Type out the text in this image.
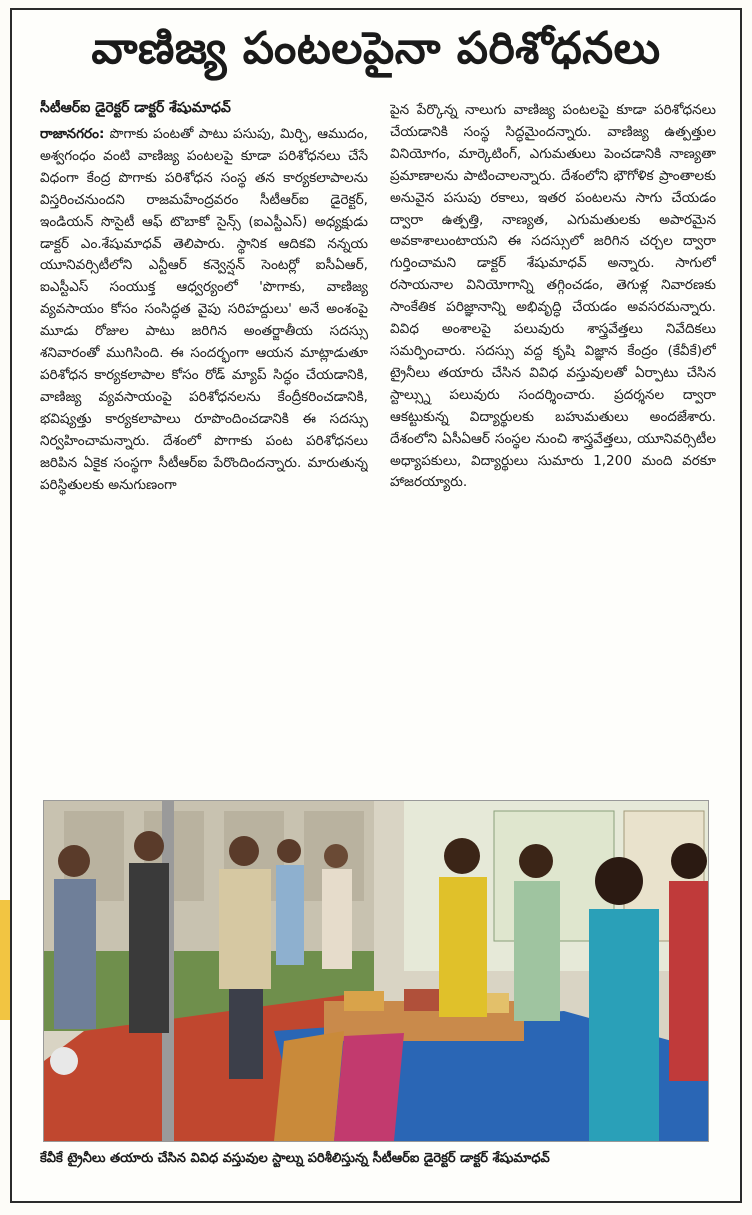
వాణిజ్య పంటలపైనా పరిశోధనలు
సీటీఆర్ఐ డైరెక్టర్ డాక్టర్ శేషుమాధవ్
రాజానగరం: పొగాకు పంటతో పాటు పసుపు, మిర్చి, ఆముదం, అశ్వగంధం వంటి వాణిజ్య పంటలపై కూడా పరిశోధనలు చేసే విధంగా కేంద్ర పొగాకు పరిశోధన సంస్థ తన కార్యకలాపాలను విస్తరించనుందని రాజమహేంద్రవరం సీటీఆర్ఐ డైరెక్టర్, ఇండియన్ సొసైటీ ఆఫ్ టొబాకో సైన్స్ (ఐఎస్టీఎస్) అధ్యక్షుడు డాక్టర్ ఎం.శేషుమాధవ్ తెలిపారు. స్థానిక ఆదికవి నన్నయ యూనివర్సిటీలోని ఎన్టీఆర్ కన్వెన్షన్ సెంటర్లో ఐసీఏఆర్, ఐఎస్టీఎస్ సంయుక్త ఆధ్వర్యంలో 'పొగాకు, వాణిజ్య వ్యవసాయం కోసం సంసిద్ధత వైపు సరిహద్దులు' అనే అంశంపై మూడు రోజుల పాటు జరిగిన అంతర్జాతీయ సదస్సు శనివారంతో ముగిసింది. ఈ సందర్భంగా ఆయన మాట్లాడుతూ పరిశోధన కార్యకలాపాల కోసం రోడ్ మ్యాప్ సిద్ధం చేయడానికి, వాణిజ్య వ్యవసాయంపై పరిశోధనలను కేంద్రీకరించడానికి, భవిష్యత్తు కార్యకలాపాలు రూపొందించడానికి ఈ సదస్సు నిర్వహించామన్నారు. దేశంలో పొగాకు పంట పరిశోధనలు జరిపిన ఏకైక సంస్థగా సీటీఆర్ఐ పేరొందిందన్నారు. మారుతున్న పరిస్థితులకు అనుగుణంగా
పైన పేర్కొన్న నాలుగు వాణిజ్య పంటలపై కూడా పరిశోధనలు చేయడానికి సంస్థ సిద్ధమైందన్నారు. వాణిజ్య ఉత్పత్తుల వినియోగం, మార్కెటింగ్, ఎగుమతులు పెంచడానికి నాణ్యతా ప్రమాణాలను పాటించాలన్నారు. దేశంలోని భౌగోళిక ప్రాంతాలకు అనువైన పసుపు రకాలు, ఇతర పంటలను సాగు చేయడం ద్వారా ఉత్పత్తి, నాణ్యత, ఎగుమతులకు అపారమైన అవకాశాలుంటాయని ఈ సదస్సులో జరిగిన చర్చల ద్వారా గుర్తించామని డాక్టర్ శేషుమాధవ్ అన్నారు. సాగులో రసాయనాల వినియోగాన్ని తగ్గించడం, తెగుళ్ల నివారణకు సాంకేతిక పరిజ్ఞానాన్ని అభివృద్ధి చేయడం అవసరమన్నారు. వివిధ అంశాలపై పలువురు శాస్త్రవేత్తలు నివేదికలు సమర్పించారు. సదస్సు వద్ద కృషి విజ్ఞాన కేంద్రం (కేవీకే)లో ట్రైనీలు తయారు చేసిన వివిధ వస్తువులతో ఏర్పాటు చేసిన స్టాల్స్ను పలువురు సందర్శించారు. ప్రదర్శనల ద్వారా ఆకట్టుకున్న విద్యార్థులకు బహుమతులు అందజేశారు. దేశంలోని ఏసీఏఆర్ సంస్థల నుంచి శాస్త్రవేత్తలు, యూనివర్సిటీల అధ్యాపకులు, విద్యార్థులు సుమారు 1,200 మంది వరకూ హాజరయ్యారు.
కేవీకే ట్రైనీలు తయారు చేసిన వివిధ వస్తువుల స్టాల్ను పరిశీలిస్తున్న సీటీఆర్ఐ డైరెక్టర్ డాక్టర్ శేషుమాధవ్
